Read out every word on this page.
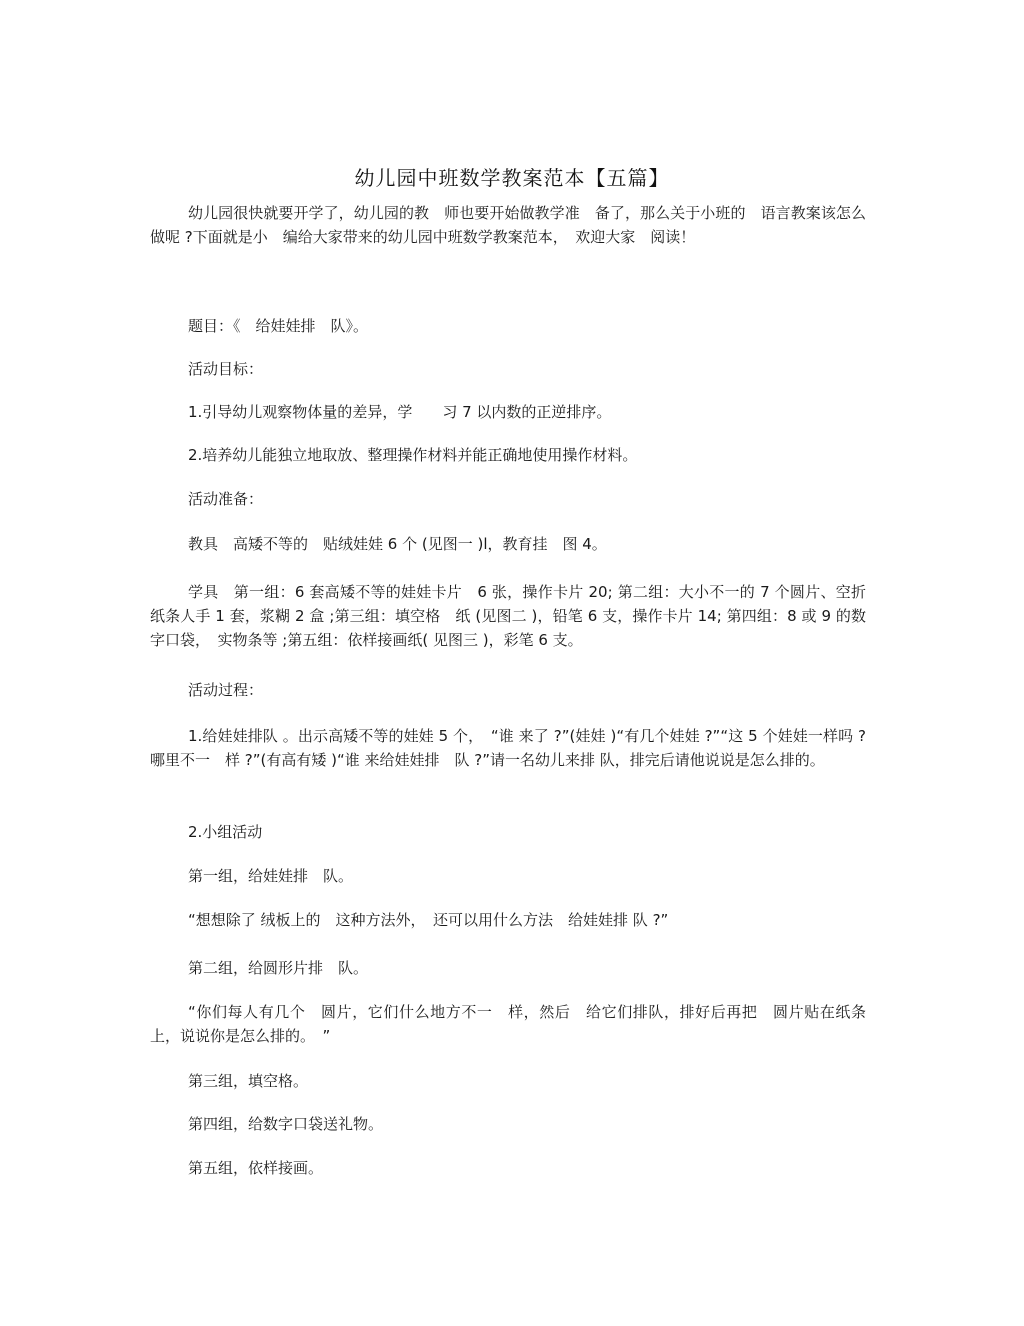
幼儿园中班数学教案范本【五篇】
幼儿园很快就要开学了，幼儿园的教　师也要开始做教学准　备了，那么关于小班的　语言教案该怎么做呢 ?下面就是小　编给大家带来的幼儿园中班数学教案范本，　欢迎大家　阅读！
题目：《　给娃娃排　队》。
活动目标：
1.引导幼儿观察物体量的差异，学　　习 7 以内数的正逆排序。
2.培养幼儿能独立地取放、整理操作材料并能正确地使用操作材料。
活动准备：
教具　高矮不等的　贴绒娃娃 6 个 (见图一 )l，教育挂　图 4。
学具　第一组：6 套高矮不等的娃娃卡片　6 张，操作卡片 20; 第二组：大小不一的 7 个圆片、空折　纸条人手 1 套，浆糊 2 盒 ;第三组：填空格　纸 (见图二 )，铅笔 6 支，操作卡片 14; 第四组：8 或 9 的数字口袋，　实物条等 ;第五组：依样接画纸( 见图三 )，彩笔 6 支。
活动过程：
1.给娃娃排队 。出示高矮不等的娃娃 5 个，　“谁 来了 ?”(娃娃 )“有几个娃娃 ?”“这 5 个娃娃一样吗 ?哪里不一　样 ?”(有高有矮 )“谁 来给娃娃排　队 ?”请一名幼儿来排 队，排完后请他说说是怎么排的。
2.小组活动
第一组，给娃娃排　队。
“想想除了 绒板上的　这种方法外，　还可以用什么方法　给娃娃排 队 ?”
第二组，给圆形片排　队。
“你们每人有几个　圆片，它们什么地方不一　样，然后　给它们排队，排好后再把　圆片贴在纸条上，说说你是怎么排的。　”
第三组，填空格。
第四组，给数字口袋送礼物。
第五组，依样接画。
